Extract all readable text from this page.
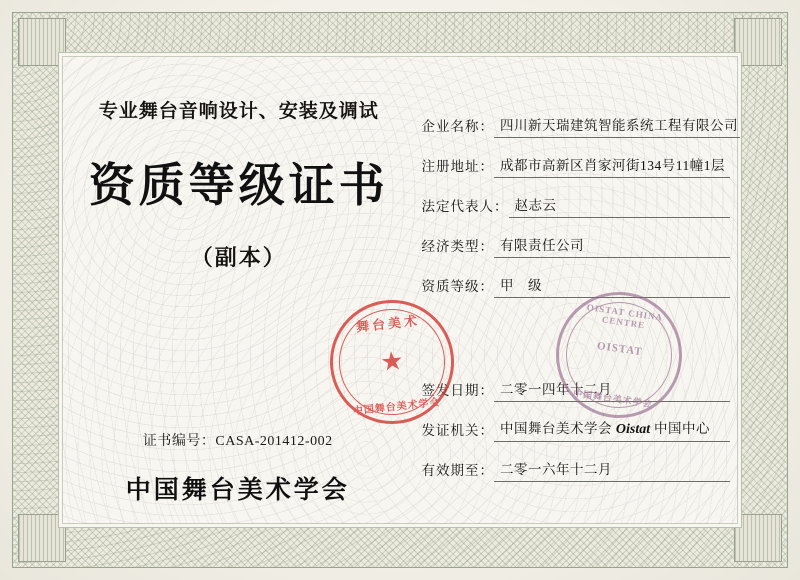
专业舞台音响设计、安装及调试
资质等级证书
（副本）
证书编号：CASA-201412-002
中国舞台美术学会
企业名称： 四川新天瑞建筑智能系统工程有限公司
注册地址： 成都市高新区肖家河街134号11幢1层
法定代表人： 赵志云
经济类型： 有限责任公司
资质等级： 甲　级
签发日期： 二零一四年十二月
发证机关： 中国舞台美术学会 Oistat 中国中心
有效期至： 二零一六年十二月
舞台美术
★
中国舞台美术学会
OISTAT CHINA CENTRE
OISTAT
中国舞台美术学会
